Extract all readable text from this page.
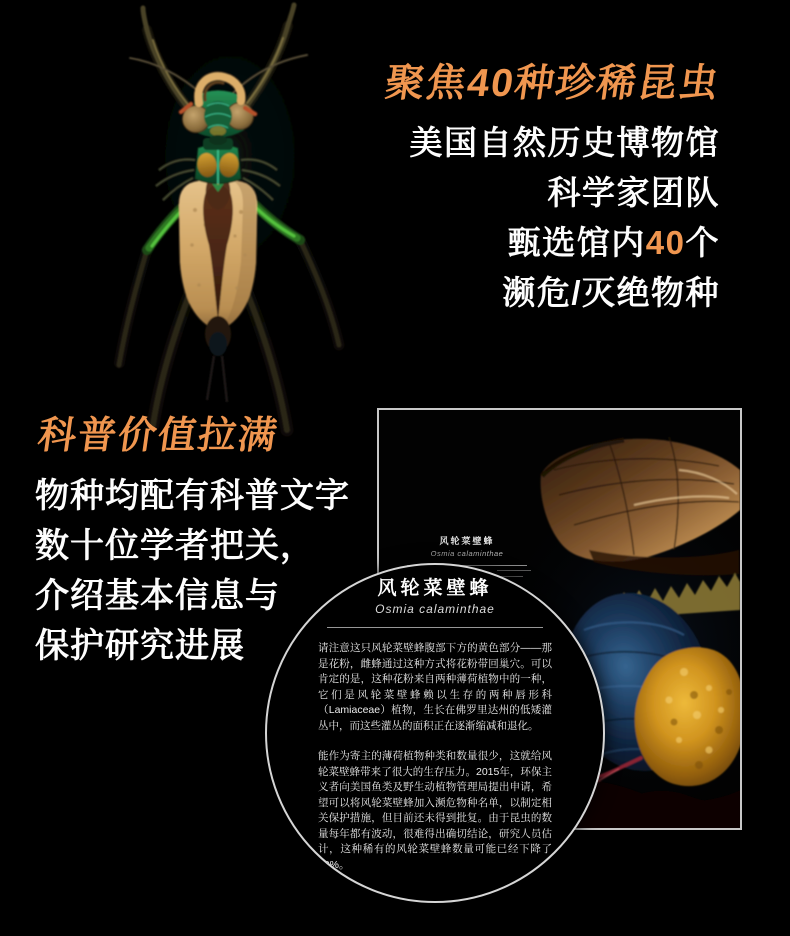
聚焦40种珍稀昆虫
美国自然历史博物馆
科学家团队
甄选馆内40个
濒危/灭绝物种
科普价值拉满
物种均配有科普文字
数十位学者把关，
介绍基本信息与
保护研究进展
风轮菜壁蜂
Osmia calaminthae
风轮菜壁蜂
Osmia calaminthae

请注意这只风轮菜壁蜂腹部下方的黄色部分——那是花粉，雌蜂通过这种方式将花粉带回巢穴。可以肯定的是，这种花粉来自两种薄荷植物中的一种，它们是风轮菜壁蜂赖以生存的两种唇形科（Lamiaceae）植物，生长在佛罗里达州的低矮灌丛中，而这些灌丛的面积正在逐渐缩减和退化。

能作为寄主的薄荷植物种类和数量很少，这就给风轮菜壁蜂带来了很大的生存压力。2015年，环保主义者向美国鱼类及野生动植物管理局提出申请，希望可以将风轮菜壁蜂加入濒危物种名单，以制定相关保护措施，但目前还未得到批复。由于昆虫的数量每年都有波动，很难得出确切结论，研究人员估计，这种稀有的风轮菜壁蜂数量可能已经下降了90%。
